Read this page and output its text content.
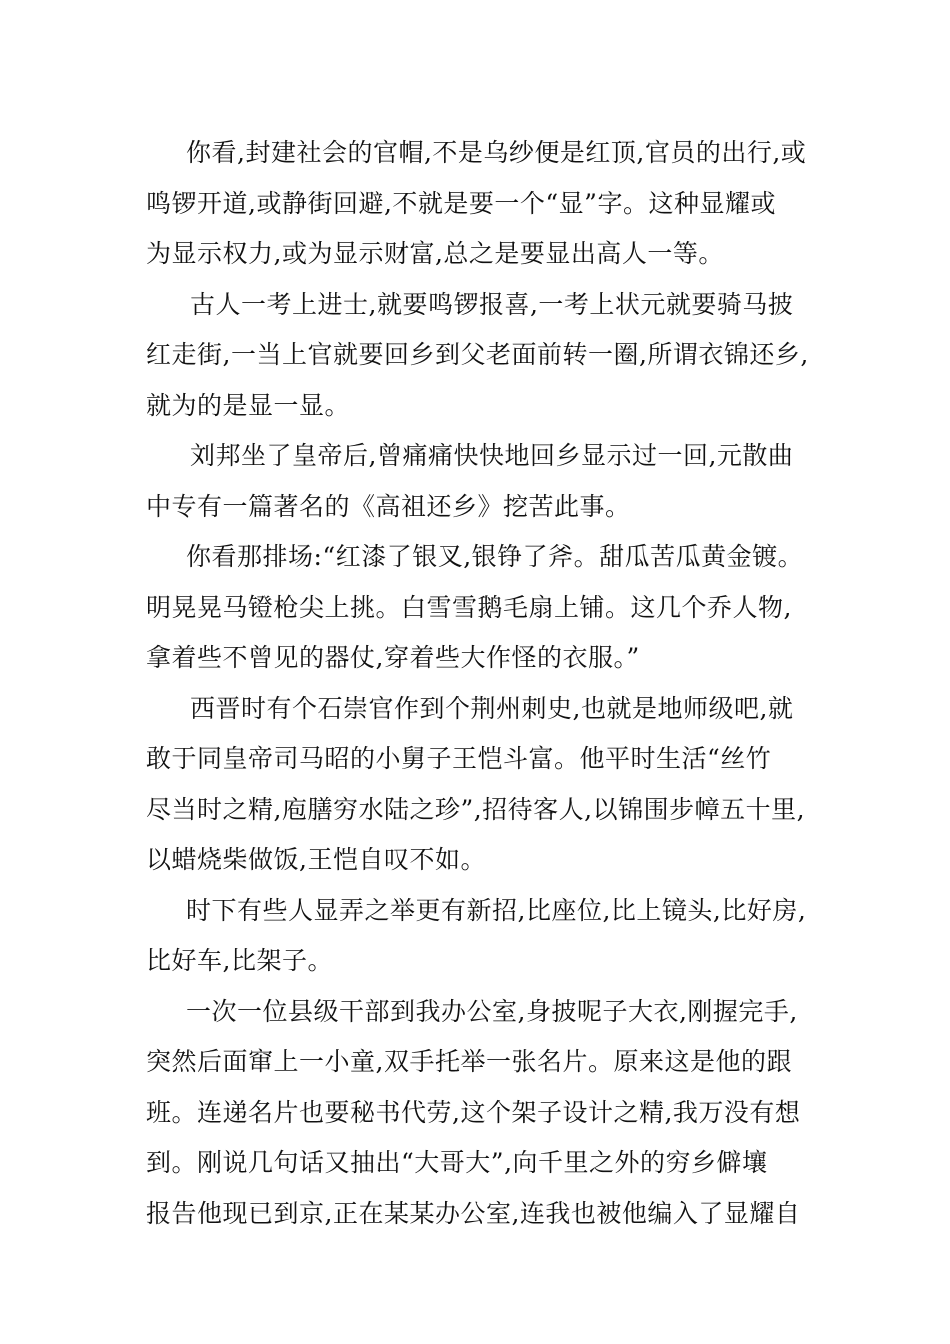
你看,封建社会的官帽,不是乌纱便是红顶,官员的出行,或
鸣锣开道,或静街回避,不就是要一个“显”字。这种显耀或
为显示权力,或为显示财富,总之是要显出高人一等。
古人一考上进士,就要鸣锣报喜,一考上状元就要骑马披
红走街,一当上官就要回乡到父老面前转一圈,所谓衣锦还乡,
就为的是显一显。
刘邦坐了皇帝后,曾痛痛快快地回乡显示过一回,元散曲
中专有一篇著名的《高祖还乡》挖苦此事。
你看那排场:“红漆了银叉,银铮了斧。甜瓜苦瓜黄金镀。
明晃晃马镫枪尖上挑。白雪雪鹅毛扇上铺。这几个乔人物,
拿着些不曾见的器仗,穿着些大作怪的衣服。”
西晋时有个石崇官作到个荆州刺史,也就是地师级吧,就
敢于同皇帝司马昭的小舅子王恺斗富。他平时生活“丝竹
尽当时之精,庖膳穷水陆之珍”,招待客人,以锦围步幛五十里,
以蜡烧柴做饭,王恺自叹不如。
时下有些人显弄之举更有新招,比座位,比上镜头,比好房,
比好车,比架子。
一次一位县级干部到我办公室,身披呢子大衣,刚握完手,
突然后面窜上一小童,双手托举一张名片。原来这是他的跟
班。连递名片也要秘书代劳,这个架子设计之精,我万没有想
到。刚说几句话又抽出“大哥大”,向千里之外的穷乡僻壤
报告他现已到京,正在某某办公室,连我也被他编入了显耀自
